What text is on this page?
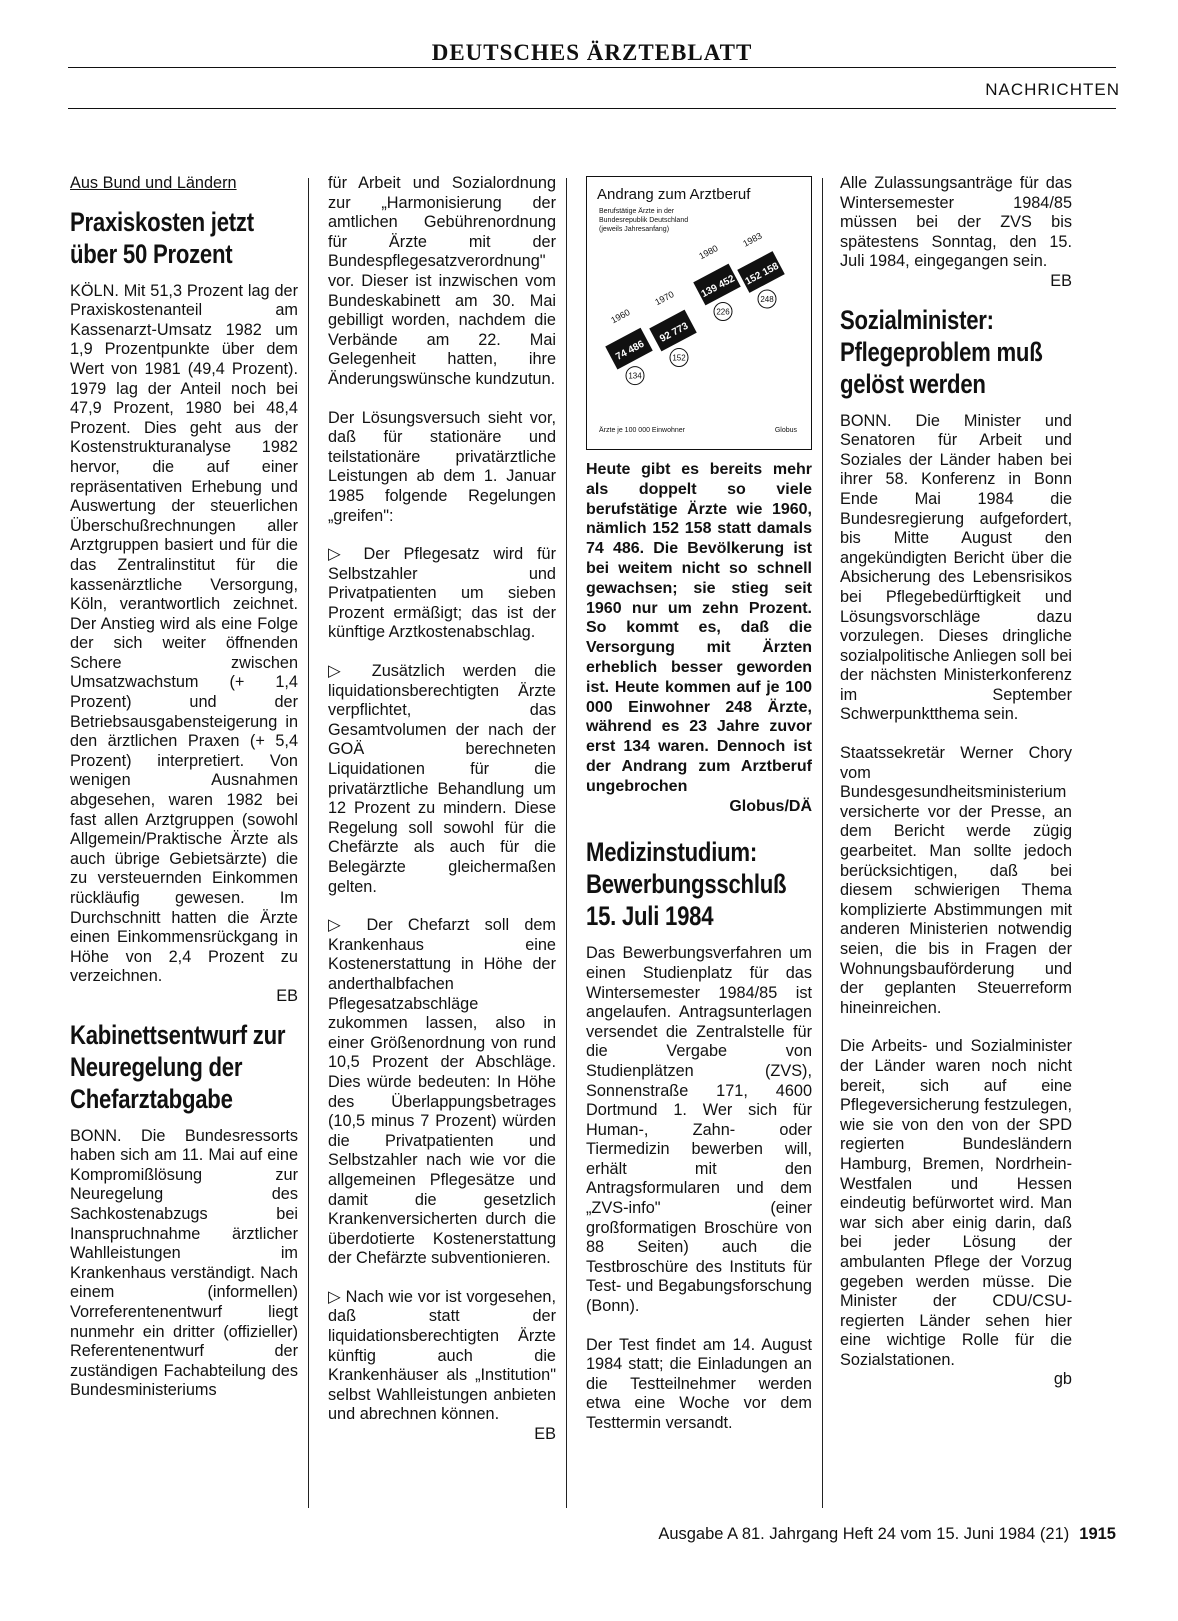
DEUTSCHES ÄRZTEBLATT
NACHRICHTEN
Aus Bund und Ländern
Praxiskosten jetzt über 50 Prozent

KÖLN. Mit 51,3 Prozent lag der Praxiskostenanteil am Kassenarzt-Umsatz 1982 um 1,9 Prozentpunkte über dem Wert von 1981 (49,4 Prozent). 1979 lag der Anteil noch bei 47,9 Prozent, 1980 bei 48,4 Prozent. Dies geht aus der Kostenstrukturanalyse 1982 hervor, die auf einer repräsentativen Erhebung und Auswertung der steuerlichen Überschußrechnungen aller Arztgruppen basiert und für die das Zentralinstitut für die kassenärztliche Versorgung, Köln, verantwortlich zeichnet. Der Anstieg wird als eine Folge der sich weiter öffnenden Schere zwischen Umsatzwachstum (+ 1,4 Prozent) und der Betriebsausgabensteigerung in den ärztlichen Praxen (+ 5,4 Prozent) interpretiert. Von wenigen Ausnahmen abgesehen, waren 1982 bei fast allen Arztgruppen (sowohl Allgemein/Praktische Ärzte als auch übrige Gebietsärzte) die zu versteuernden Einkommen rückläufig gewesen. Im Durchschnitt hatten die Ärzte einen Einkommensrückgang in Höhe von 2,4 Prozent zu verzeichnen.

EB
Kabinettsentwurf zur Neuregelung der Chefarztabgabe

BONN. Die Bundesressorts haben sich am 11. Mai auf eine Kompromißlösung zur Neuregelung des Sachkostenabzugs bei Inanspruchnahme ärztlicher Wahlleistungen im Krankenhaus verständigt. Nach einem (informellen) Vorreferentenentwurf liegt nunmehr ein dritter (offizieller) Referentenentwurf der zuständigen Fachabteilung des Bundesministeriums

für Arbeit und Sozialordnung zur „Harmonisierung der amtlichen Gebührenordnung für Ärzte mit der Bundespflegesatzverordnung" vor. Dieser ist inzwischen vom Bundeskabinett am 30. Mai gebilligt worden, nachdem die Verbände am 22. Mai Gelegenheit hatten, ihre Änderungswünsche kundzutun.

Der Lösungsversuch sieht vor, daß für stationäre und teilstationäre privatärztliche Leistungen ab dem 1. Januar 1985 folgende Regelungen „greifen":

▷ Der Pflegesatz wird für Selbstzahler und Privatpatienten um sieben Prozent ermäßigt; das ist der künftige Arztkostenabschlag.

▷ Zusätzlich werden die liquidationsberechtigten Ärzte verpflichtet, das Gesamtvolumen der nach der GOÄ berechneten Liquidationen für die privatärztliche Behandlung um 12 Prozent zu mindern. Diese Regelung soll sowohl für die Chefärzte als auch für die Belegärzte gleichermaßen gelten.

▷ Der Chefarzt soll dem Krankenhaus eine Kostenerstattung in Höhe der anderthalbfachen Pflegesatzabschläge zukommen lassen, also in einer Größenordnung von rund 10,5 Prozent der Abschläge. Dies würde bedeuten: In Höhe des Überlappungsbetrages (10,5 minus 7 Prozent) würden die Privatpatienten und Selbstzahler nach wie vor die allgemeinen Pflegesätze und damit die gesetzlich Krankenversicherten durch die überdotierte Kostenerstattung der Chefärzte subventionieren.

▷ Nach wie vor ist vorgesehen, daß statt der liquidationsberechtigten Ärzte künftig auch die Krankenhäuser als „Institution" selbst Wahlleistungen anbieten und abrechnen können.

EB
Andrang zum Arztberuf
Berufstätige Ärzte in der Bundesrepublik Deutschland (jeweils Jahresanfang)
74 486
1960
134
92 773
1970
152
139 452
1980
226
152 158
1983
248
Ärzte je 100 000 Einwohner	Globus
Heute gibt es bereits mehr als doppelt so viele berufstätige Ärzte wie 1960, nämlich 152 158 statt damals 74 486. Die Bevölkerung ist bei weitem nicht so schnell gewachsen; sie stieg seit 1960 nur um zehn Prozent. So kommt es, daß die Versorgung mit Ärzten erheblich besser geworden ist. Heute kommen auf je 100 000 Einwohner 248 Ärzte, während es 23 Jahre zuvor erst 134 waren. Dennoch ist der Andrang zum Arztberuf ungebrochen
Globus/DÄ
Medizinstudium: Bewerbungsschluß 15. Juli 1984

Das Bewerbungsverfahren um einen Studienplatz für das Wintersemester 1984/85 ist angelaufen. Antragsunterlagen versendet die Zentralstelle für die Vergabe von Studienplätzen (ZVS), Sonnenstraße 171, 4600 Dortmund 1. Wer sich für Human-, Zahn- oder Tiermedizin bewerben will, erhält mit den Antragsformularen und dem „ZVS-info" (einer großformatigen Broschüre von 88 Seiten) auch die Testbroschüre des Instituts für Test- und Begabungsforschung (Bonn).

Der Test findet am 14. August 1984 statt; die Einladungen an die Testteilnehmer werden etwa eine Woche vor dem Testtermin versandt.

Alle Zulassungsanträge für das Wintersemester 1984/85 müssen bei der ZVS bis spätestens Sonntag, den 15. Juli 1984, eingegangen sein.

EB
Sozialminister: Pflegeproblem muß gelöst werden

BONN. Die Minister und Senatoren für Arbeit und Soziales der Länder haben bei ihrer 58. Konferenz in Bonn Ende Mai 1984 die Bundesregierung aufgefordert, bis Mitte August den angekündigten Bericht über die Absicherung des Lebensrisikos bei Pflegebedürftigkeit und Lösungsvorschläge dazu vorzulegen. Dieses dringliche sozialpolitische Anliegen soll bei der nächsten Ministerkonferenz im September Schwerpunktthema sein.

Staatssekretär Werner Chory vom Bundesgesundheitsministerium versicherte vor der Presse, an dem Bericht werde zügig gearbeitet. Man sollte jedoch berücksichtigen, daß bei diesem schwierigen Thema komplizierte Abstimmungen mit anderen Ministerien notwendig seien, die bis in Fragen der Wohnungsbauförderung und der geplanten Steuerreform hineinreichen.

Die Arbeits- und Sozialminister der Länder waren noch nicht bereit, sich auf eine Pflegeversicherung festzulegen, wie sie von den von der SPD regierten Bundesländern Hamburg, Bremen, Nordrhein-Westfalen und Hessen eindeutig befürwortet wird. Man war sich aber einig darin, daß bei jeder Lösung der ambulanten Pflege der Vorzug gegeben werden müsse. Die Minister der CDU/CSU-regierten Länder sehen hier eine wichtige Rolle für die Sozialstationen.

gb
Ausgabe A 81. Jahrgang Heft 24 vom 15. Juni 1984 (21) 1915
